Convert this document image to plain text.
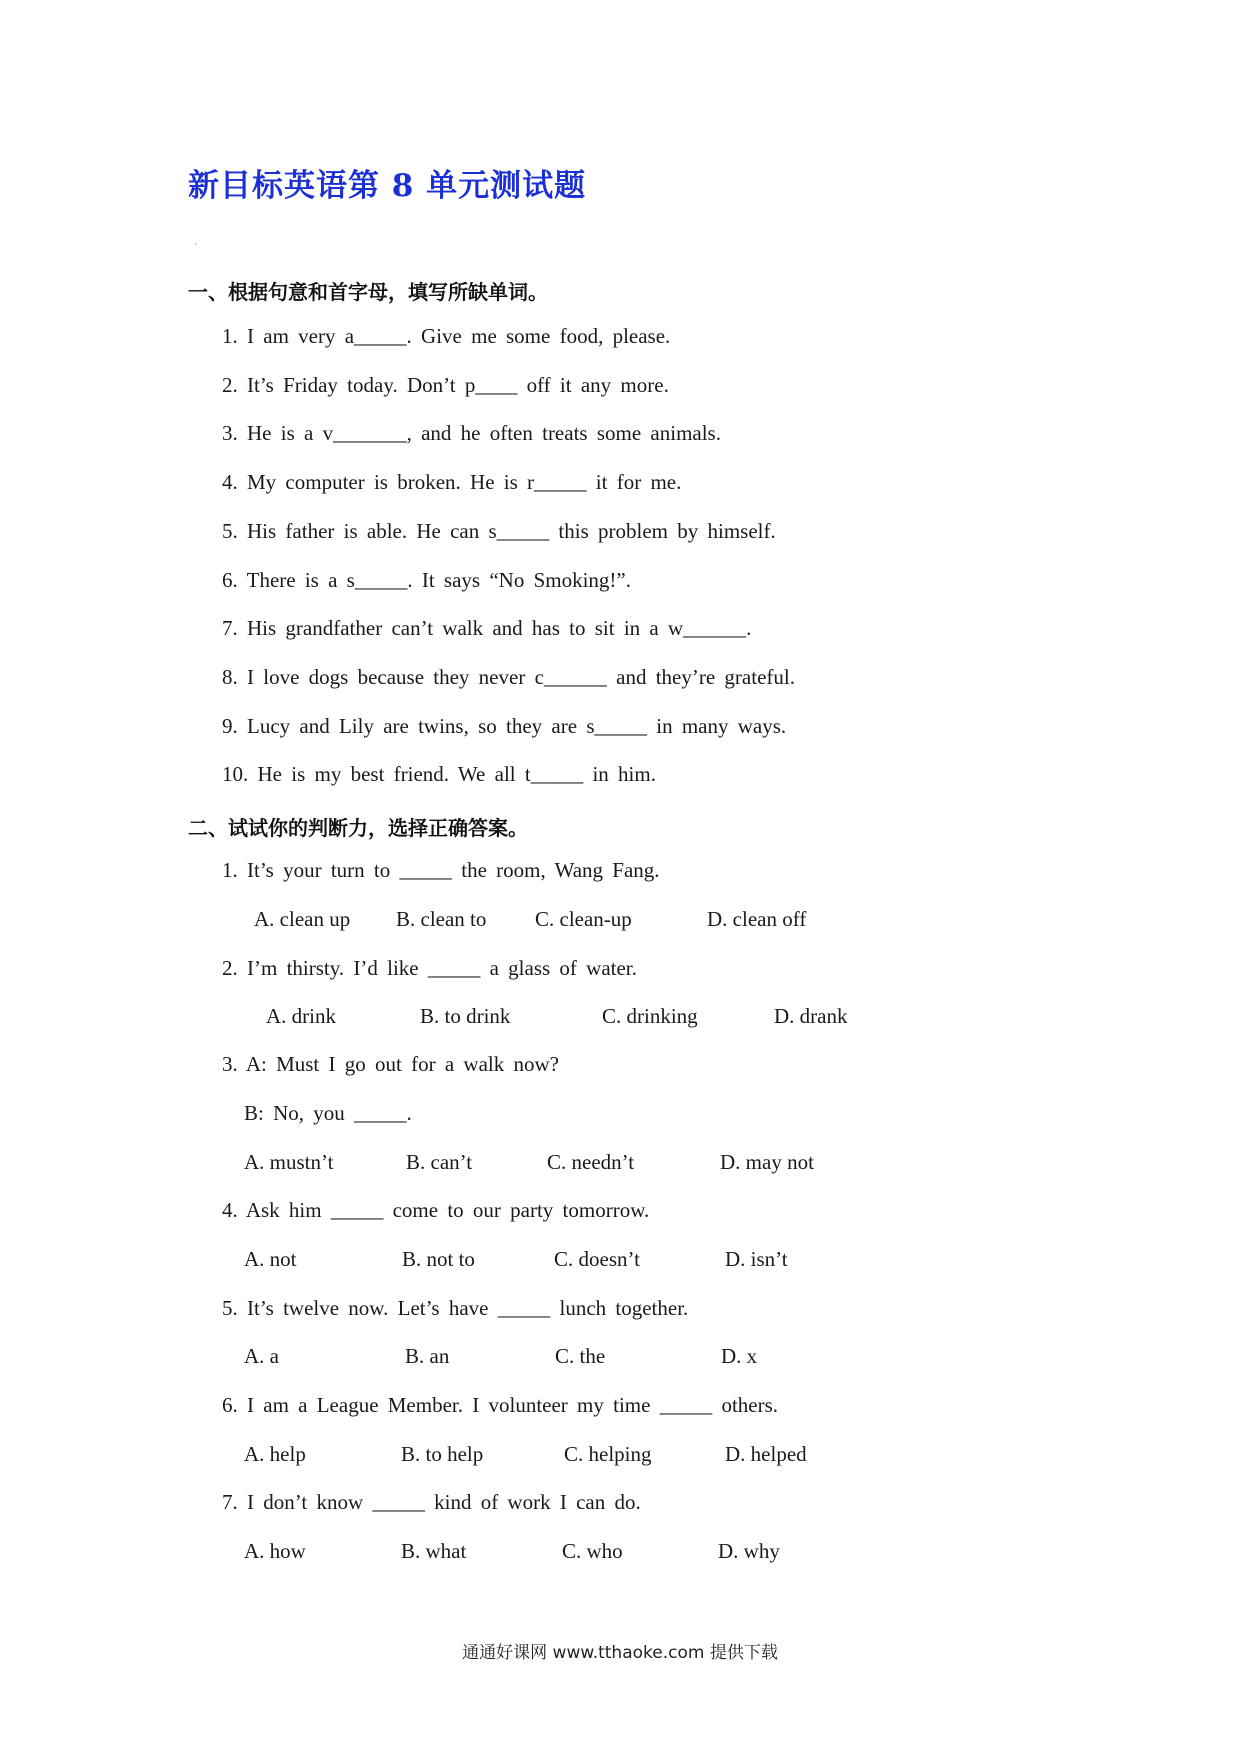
新目标英语第 8 单元测试题
·
一、根据句意和首字母，填写所缺单词。
1. I am very a_____. Give me some food, please.
2. It’s Friday today. Don’t p____ off it any more.
3. He is a v_______, and he often treats some animals.
4. My computer is broken. He is r_____ it for me.
5. His father is able. He can s_____ this problem by himself.
6. There is a s_____. It says “No Smoking!”.
7. His grandfather can’t walk and has to sit in a w______.
8. I love dogs because they never c______ and they’re grateful.
9. Lucy and Lily are twins, so they are s_____ in many ways.
10. He is my best friend. We all t_____ in him.
二、试试你的判断力，选择正确答案。
1. It’s your turn to _____ the room, Wang Fang.
A. clean up B. clean to C. clean-up	D. clean off
2. I’m thirsty. I’d like _____ a glass of water.
A. drink	B. to drink	C. drinking	D. drank
3. A: Must I go out for a walk now?
B: No, you _____.
A. mustn’t	B. can’t	C. needn’t	D. may not
4. Ask him _____ come to our party tomorrow.
A. not	B. not to	C. doesn’t	D. isn’t
5. It’s twelve now. Let’s have _____ lunch together.
A. a	B. an	C. the	D. x
6. I am a League Member. I volunteer my time _____ others.
A. help	B. to help	C. helping	D. helped
7. I don’t know _____ kind of work I can do.
A. how	B. what	C. who	D. why
通通好课网 www.tthaoke.com 提供下载
